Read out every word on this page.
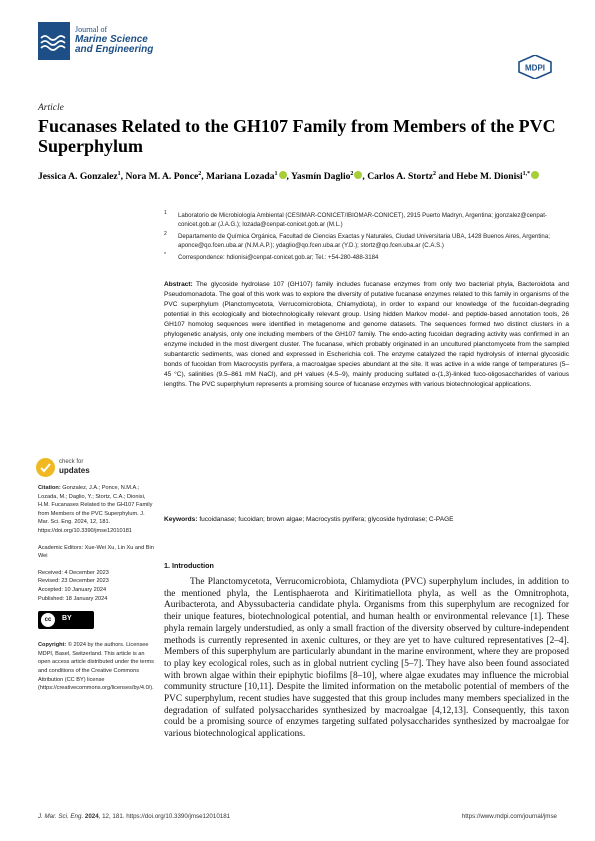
Journal of
Marine Science
and Engineering
MDPI
Article
Fucanases Related to the GH107 Family from Members of the PVC Superphylum
Jessica A. Gonzalez$^1$, Nora M. A. Ponce$^2$, Mariana Lozada$^1$ , Yasmín Daglio$^2$ , Carlos A. Stortz$^2$ and Hebe M. Dionisi$^{1,*}$
1 Laboratorio de Microbiología Ambiental (CESIMAR-CONICET/IBIOMAR-CONICET), 2915 Puerto Madryn, Argentina; jgonzalez@cenpat-conicet.gob.ar (J.A.G.); lozada@cenpat-conicet.gob.ar (M.L.)
2 Departamento de Química Orgánica, Facultad de Ciencias Exactas y Naturales, Ciudad Universitaria UBA, 1428 Buenos Aires, Argentina; aponce@qo.fcen.uba.ar (N.M.A.P.); ydaglio@qo.fcen.uba.ar (Y.D.); stortz@qo.fcen.uba.ar (C.A.S.)
* Correspondence: hdionisi@cenpat-conicet.gob.ar; Tel.: +54-280-488-3184
Abstract: The glycoside hydrolase 107 (GH107) family includes fucanase enzymes from only two bacterial phyla, Bacteroidota and Pseudomonadota. The goal of this work was to explore the diversity of putative fucanase enzymes related to this family in organisms of the PVC superphylum (Planctomycetota, Verrucomicrobiota, Chlamydiota), in order to expand our knowledge of the fucoidan-degrading potential in this ecologically and biotechnologically relevant group. Using hidden Markov model- and peptide-based annotation tools, 26 GH107 homolog sequences were identified in metagenome and genome datasets. The sequences formed two distinct clusters in a phylogenetic analysis, only one including members of the GH107 family. The endo-acting fucoidan degrading activity was confirmed in an enzyme included in the most divergent cluster. The fucanase, which probably originated in an uncultured planctomycete from the sampled subantarctic sediments, was cloned and expressed in Escherichia coli. The enzyme catalyzed the rapid hydrolysis of internal glycosidic bonds of fucoidan from Macrocystis pyrifera, a macroalgae species abundant at the site. It was active in a wide range of temperatures (5–45 °C), salinities (9.5–861 mM NaCl), and pH values (4.5–9), mainly producing sulfated α-(1,3)-linked fuco-oligosaccharides of various lengths. The PVC superphylum represents a promising source of fucanase enzymes with various biotechnological applications.
Keywords: fucoidanase; fucoidan; brown algae; Macrocystis pyrifera; glycoside hydrolase; C-PAGE
1. Introduction

The Planctomycetota, Verrucomicrobiota, Chlamydiota (PVC) superphylum includes, in addition to the mentioned phyla, the Lentisphaerota and Kiritimatiellota phyla, as well as the Omnitrophota, Auribacterota, and Abyssubacteria candidate phyla. Organisms from this superphylum are recognized for their unique features, biotechnological potential, and human health or environmental relevance [1]. These phyla remain largely understudied, as only a small fraction of the diversity observed by culture-independent methods is currently represented in axenic cultures, or they are yet to have cultured representatives [2–4]. Members of this superphylum are particularly abundant in the marine environment, where they are proposed to play key ecological roles, such as in global nutrient cycling [5–7]. They have also been found associated with brown algae within their epiphytic biofilms [8–10], where algae exudates may influence the microbial community structure [10,11]. Despite the limited information on the metabolic potential of members of the PVC superphylum, recent studies have suggested that this group includes many members specialized in the degradation of sulfated polysaccharides synthesized by macroalgae [4,12,13]. Consequently, this taxon could be a promising source of enzymes targeting sulfated polysaccharides synthesized by macroalgae for various biotechnological applications.

check for
updates
Citation: Gonzalez, J.A.; Ponce, N.M.A.; Lozada, M.; Daglio, Y.; Stortz, C.A.; Dionisi, H.M. Fucanases Related to the GH107 Family from Members of the PVC Superphylum. J. Mar. Sci. Eng. 2024, 12, 181. https://doi.org/10.3390/jmse12010181
Academic Editors: Xue-Wei Xu, Lin Xu and Bin Wei
Received: 4 December 2023
Revised: 23 December 2023
Accepted: 10 January 2024
Published: 18 January 2024
cc	BY
Copyright: © 2024 by the authors. Licensee MDPI, Basel, Switzerland. This article is an open access article distributed under the terms and conditions of the Creative Commons Attribution (CC BY) license (https://creativecommons.org/licenses/by/4.0/).
J. Mar. Sci. Eng. 2024, 12, 181. https://doi.org/10.3390/jmse12010181	https://www.mdpi.com/journal/jmse
